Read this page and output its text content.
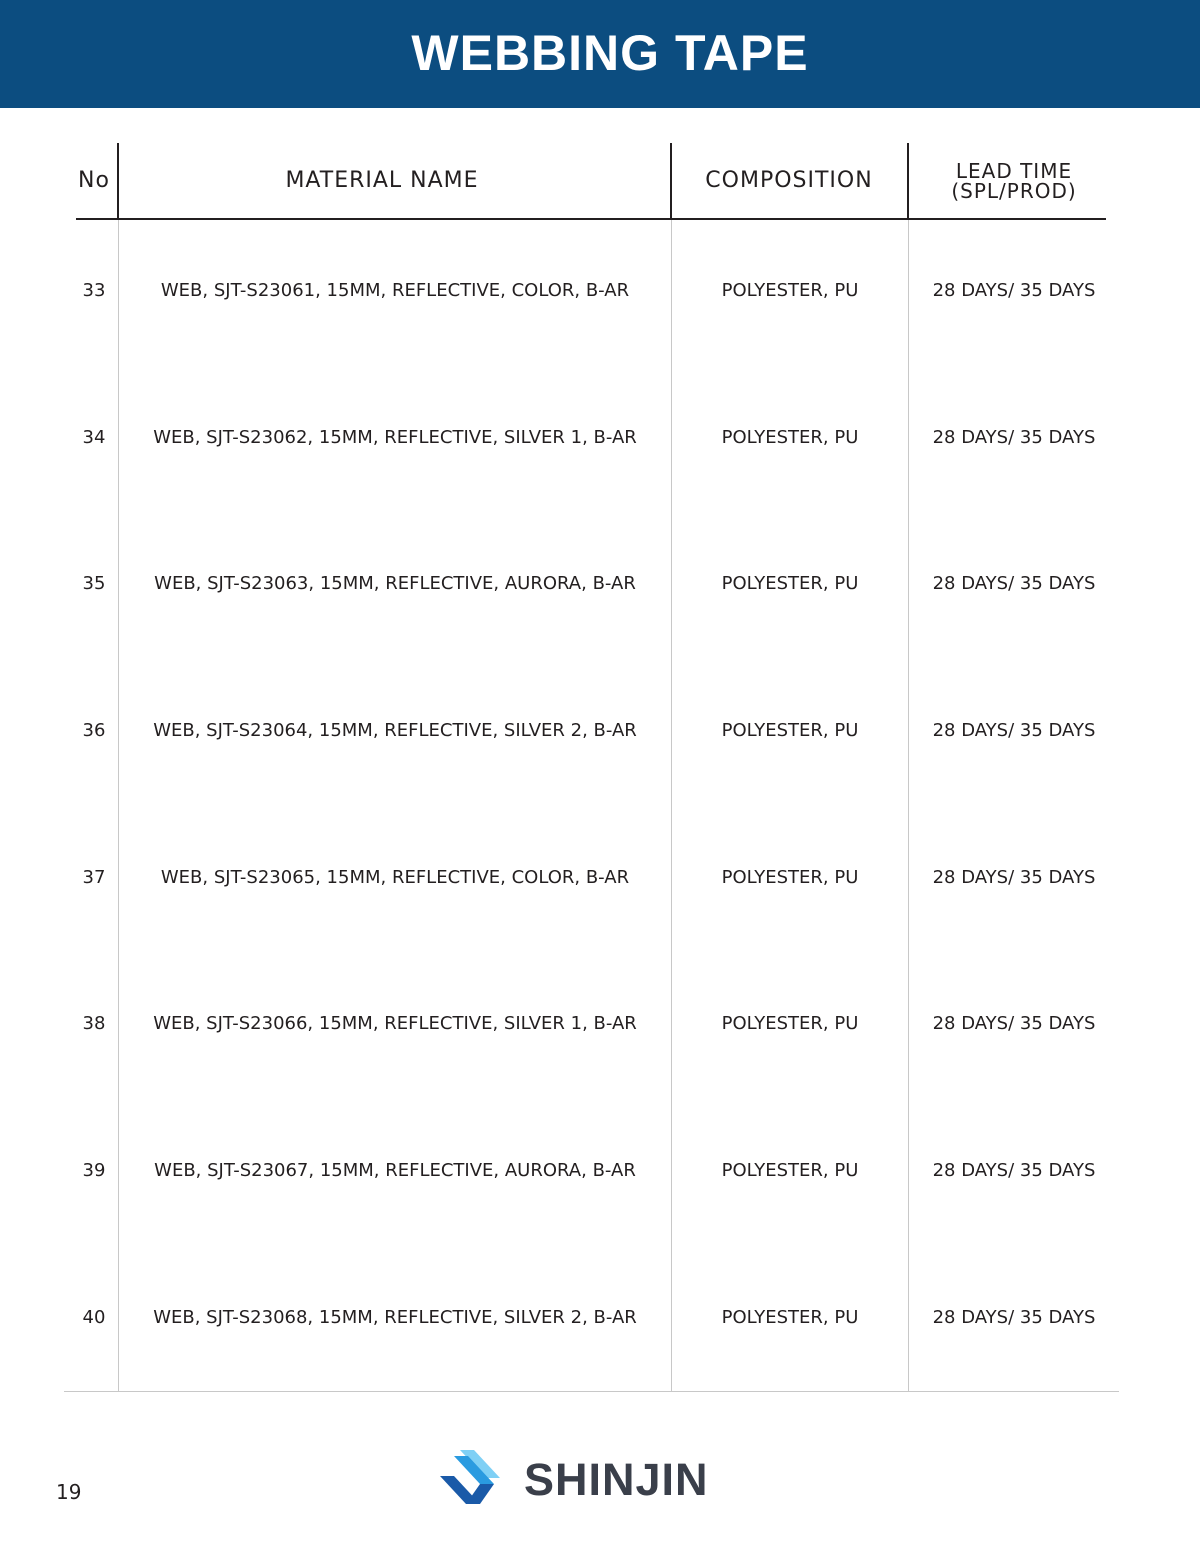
WEBBING TAPE
No	MATERIAL NAME	COMPOSITION	LEAD TIME
(SPL/PROD)
33	WEB, SJT-S23061, 15MM, REFLECTIVE, COLOR, B-AR	POLYESTER, PU	28 DAYS/ 35 DAYS
34	WEB, SJT-S23062, 15MM, REFLECTIVE, SILVER 1, B-AR	POLYESTER, PU	28 DAYS/ 35 DAYS
35	WEB, SJT-S23063, 15MM, REFLECTIVE, AURORA, B-AR	POLYESTER, PU	28 DAYS/ 35 DAYS
36	WEB, SJT-S23064, 15MM, REFLECTIVE, SILVER 2, B-AR	POLYESTER, PU	28 DAYS/ 35 DAYS
37	WEB, SJT-S23065, 15MM, REFLECTIVE, COLOR, B-AR	POLYESTER, PU	28 DAYS/ 35 DAYS
38	WEB, SJT-S23066, 15MM, REFLECTIVE, SILVER 1, B-AR	POLYESTER, PU	28 DAYS/ 35 DAYS
39	WEB, SJT-S23067, 15MM, REFLECTIVE, AURORA, B-AR	POLYESTER, PU	28 DAYS/ 35 DAYS
40	WEB, SJT-S23068, 15MM, REFLECTIVE, SILVER 2, B-AR	POLYESTER, PU	28 DAYS/ 35 DAYS
19	SHINJIN
